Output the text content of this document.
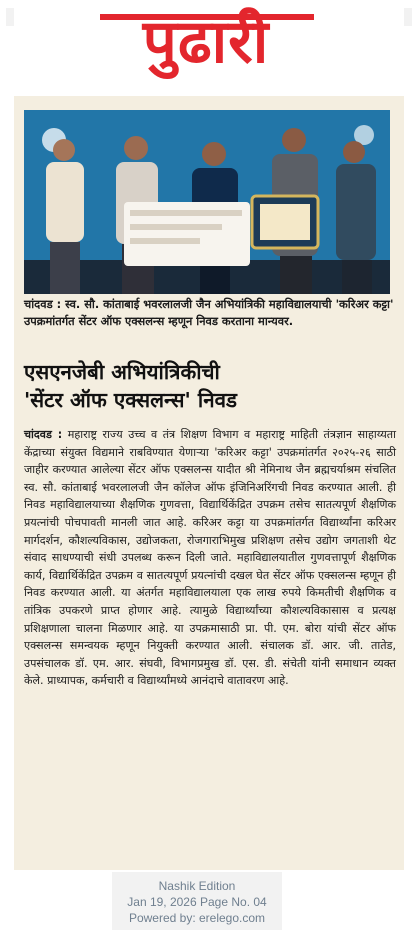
पुढारी
चांदवड : स्व. सौ. कांताबाई भवरलालजी जैन अभियांत्रिकी महाविद्यालयाची 'करिअर कट्टा' उपक्रमांतर्गत सेंटर ऑफ एक्सलन्स म्हणून निवड करताना मान्यवर.
एसएनजेबी अभियांत्रिकीची
'सेंटर ऑफ एक्सलन्स' निवड
चांदवड : महाराष्ट्र राज्य उच्च व तंत्र शिक्षण विभाग व महाराष्ट्र माहिती तंत्रज्ञान साहाय्यता केंद्राच्या संयुक्त विद्यमाने राबविण्यात येणाऱ्या 'करिअर कट्टा' उपक्रमांतर्गत २०२५-२६ साठी जाहीर करण्यात आलेल्या सेंटर ऑफ एक्सलन्स यादीत श्री नेमिनाथ जैन ब्रह्मचर्याश्रम संचलित स्व. सौ. कांताबाई भवरलालजी जैन कॉलेज ऑफ इंजिनिअरिंगची निवड करण्यात आली. ही निवड महाविद्यालयाच्या शैक्षणिक गुणवत्ता, विद्यार्थिकेंद्रित उपक्रम तसेच सातत्यपूर्ण शैक्षणिक प्रयत्नांची पोचपावती मानली जात आहे. करिअर कट्टा या उपक्रमांतर्गत विद्यार्थ्यांना करिअर मार्गदर्शन, कौशल्यविकास, उद्योजकता, रोजगाराभिमुख प्रशिक्षण तसेच उद्योग जगताशी थेट संवाद साधण्याची संधी उपलब्ध करून दिली जाते. महाविद्यालयातील गुणवत्तापूर्ण शैक्षणिक कार्य, विद्यार्थिकेंद्रित उपक्रम व सातत्यपूर्ण प्रयत्नांची दखल घेत सेंटर ऑफ एक्सलन्स म्हणून ही निवड करण्यात आली. या अंतर्गत महाविद्यालयाला एक लाख रुपये किमतीची शैक्षणिक व तांत्रिक उपकरणे प्राप्त होणार आहे. त्यामुळे विद्यार्थ्यांच्या कौशल्यविकासास व प्रत्यक्ष प्रशिक्षणाला चालना मिळणार आहे. या उपक्रमासाठी प्रा. पी. एम. बोरा यांची सेंटर ऑफ एक्सलन्स समन्वयक म्हणून नियुक्ती करण्यात आली. संचालक डॉ. आर. जी. तातेड, उपसंचालक डॉ. एम. आर. संघवी, विभागप्रमुख डॉ. एस. डी. संचेती यांनी समाधान व्यक्त केले. प्राध्यापक, कर्मचारी व विद्यार्थ्यांमध्ये आनंदाचे वातावरण आहे.
Nashik Edition
Jan 19, 2026 Page No. 04
Powered by: erelego.com
